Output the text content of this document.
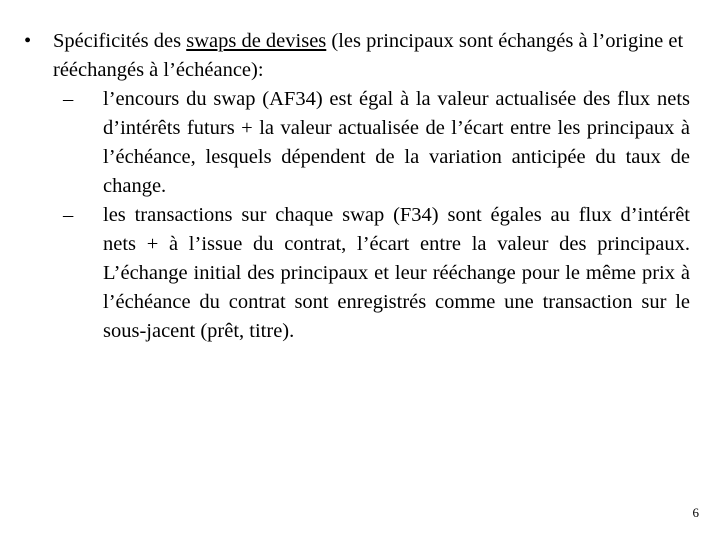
• Spécificités des swaps de devises (les principaux sont échangés à l’origine et rééchangés à l’échéance):
– l’encours du swap (AF34) est égal à la valeur actualisée des flux nets d’intérêts futurs + la valeur actualisée de l’écart entre les principaux à l’échéance, lesquels dépendent de la variation anticipée du taux de change.
– les transactions sur chaque swap (F34) sont égales au flux d’intérêt nets + à l’issue du contrat, l’écart entre la valeur des principaux. L’échange initial des principaux et leur rééchange pour le même prix à l’échéance du contrat sont enregistrés comme une transaction sur le sous-jacent (prêt, titre).
6
